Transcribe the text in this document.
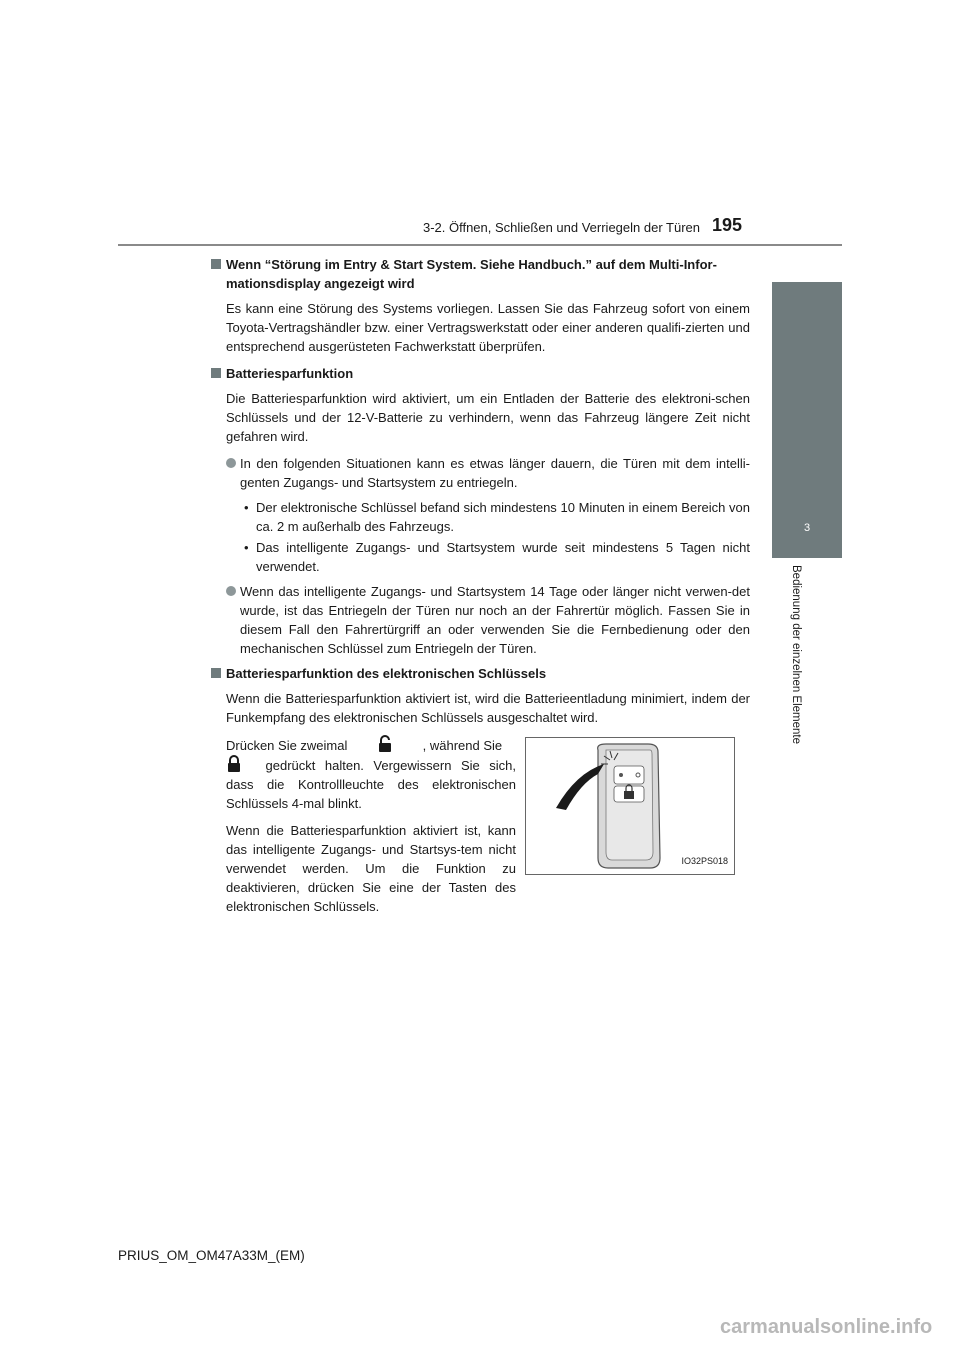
3-2. Öffnen, Schließen und Verriegeln der Türen 195
3
Bedienung der einzelnen Elemente
Wenn “Störung im Entry & Start System. Siehe Handbuch.” auf dem Multi-Infor-mationsdisplay angezeigt wird

Es kann eine Störung des Systems vorliegen. Lassen Sie das Fahrzeug sofort von einem Toyota-Vertragshändler bzw. einer Vertragswerkstatt oder einer anderen qualifi-zierten und entsprechend ausgerüsteten Fachwerkstatt überprüfen.

Batteriesparfunktion

Die Batteriesparfunktion wird aktiviert, um ein Entladen der Batterie des elektroni-schen Schlüssels und der 12-V-Batterie zu verhindern, wenn das Fahrzeug längere Zeit nicht gefahren wird.

In den folgenden Situationen kann es etwas länger dauern, die Türen mit dem intelli-genten Zugangs- und Startsystem zu entriegeln.
• Der elektronische Schlüssel befand sich mindestens 10 Minuten in einem Bereich von ca. 2 m außerhalb des Fahrzeugs.
• Das intelligente Zugangs- und Startsystem wurde seit mindestens 5 Tagen nicht verwendet.
Wenn das intelligente Zugangs- und Startsystem 14 Tage oder länger nicht verwen-det wurde, ist das Entriegeln der Türen nur noch an der Fahrertür möglich. Fassen Sie in diesem Fall den Fahrertürgriff an oder verwenden Sie die Fernbedienung oder den mechanischen Schlüssel zum Entriegeln der Türen.
Batteriesparfunktion des elektronischen Schlüssels

Wenn die Batteriesparfunktion aktiviert ist, wird die Batterieentladung minimiert, indem der Funkempfang des elektronischen Schlüssels ausgeschaltet wird.

Drücken Sie zweimal	, während Sie
gedrückt halten. Vergewissern Sie sich, dass die Kontrollleuchte des elektronischen Schlüssels 4-mal blinkt.

Wenn die Batteriesparfunktion aktiviert ist, kann das intelligente Zugangs- und Startsys-tem nicht verwendet werden. Um die Funktion zu deaktivieren, drücken Sie eine der Tasten des elektronischen Schlüssels.

IO32PS018
PRIUS_OM_OM47A33M_(EM)
carmanualsonline.info
